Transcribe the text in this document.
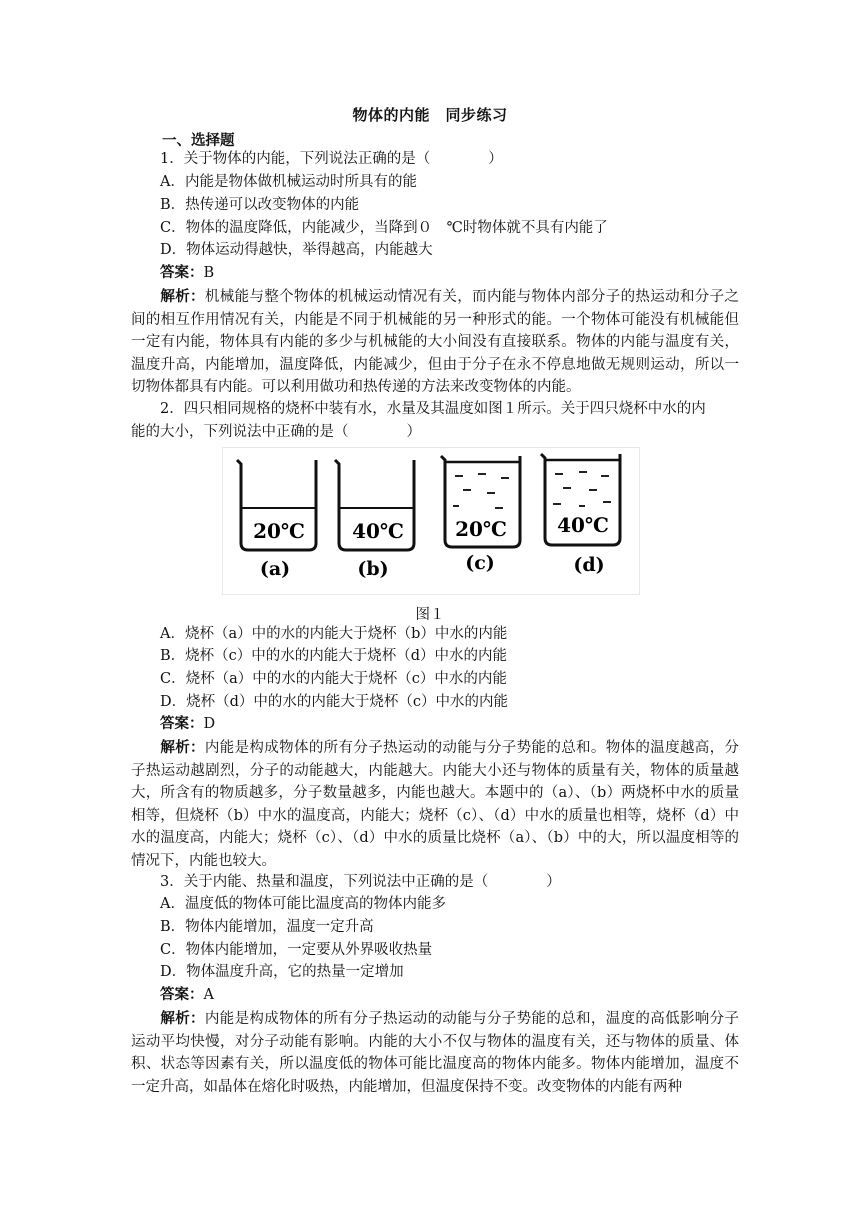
物体的内能　同步练习
一、选择题
1．关于物体的内能，下列说法正确的是（　　　　）
A．内能是物体做机械运动时所具有的能
B．热传递可以改变物体的内能
C．物体的温度降低，内能减少，当降到０　℃时物体就不具有内能了
D．物体运动得越快，举得越高，内能越大
答案：B
解析：机械能与整个物体的机械运动情况有关，而内能与物体内部分子的热运动和分子之间的相互作用情况有关，内能是不同于机械能的另一种形式的能。一个物体可能没有机械能但一定有内能，物体具有内能的多少与机械能的大小间没有直接联系。物体的内能与温度有关，温度升高，内能增加，温度降低，内能减少，但由于分子在永不停息地做无规则运动，所以一切物体都具有内能。可以利用做功和热传递的方法来改变物体的内能。
2．四只相同规格的烧杯中装有水，水量及其温度如图１所示。关于四只烧杯中水的内
能的大小，下列说法中正确的是（　　　　）
20℃
(a)
40℃
(b)
20℃
(c)
40℃
(d)
图１
A．烧杯（a）中的水的内能大于烧杯（b）中水的内能
B．烧杯（c）中的水的内能大于烧杯（d）中水的内能
C．烧杯（a）中的水的内能大于烧杯（c）中水的内能
D．烧杯（d）中的水的内能大于烧杯（c）中水的内能
答案：D
解析：内能是构成物体的所有分子热运动的动能与分子势能的总和。物体的温度越高，分子热运动越剧烈，分子的动能越大，内能越大。内能大小还与物体的质量有关，物体的质量越大，所含有的物质越多，分子数量越多，内能也越大。本题中的（a）、（b）两烧杯中水的质量相等，但烧杯（b）中水的温度高，内能大；烧杯（c）、（d）中水的质量也相等，烧杯（d）中水的温度高，内能大；烧杯（c）、（d）中水的质量比烧杯（a）、（b）中的大，所以温度相等的情况下，内能也较大。
3．关于内能、热量和温度，下列说法中正确的是（　　　　）
A．温度低的物体可能比温度高的物体内能多
B．物体内能增加，温度一定升高
C．物体内能增加，一定要从外界吸收热量
D．物体温度升高，它的热量一定增加
答案：A
解析：内能是构成物体的所有分子热运动的动能与分子势能的总和，温度的高低影响分子运动平均快慢，对分子动能有影响。内能的大小不仅与物体的温度有关，还与物体的质量、体积、状态等因素有关，所以温度低的物体可能比温度高的物体内能多。物体内能增加，温度不一定升高，如晶体在熔化时吸热，内能增加，但温度保持不变。改变物体的内能有两种
